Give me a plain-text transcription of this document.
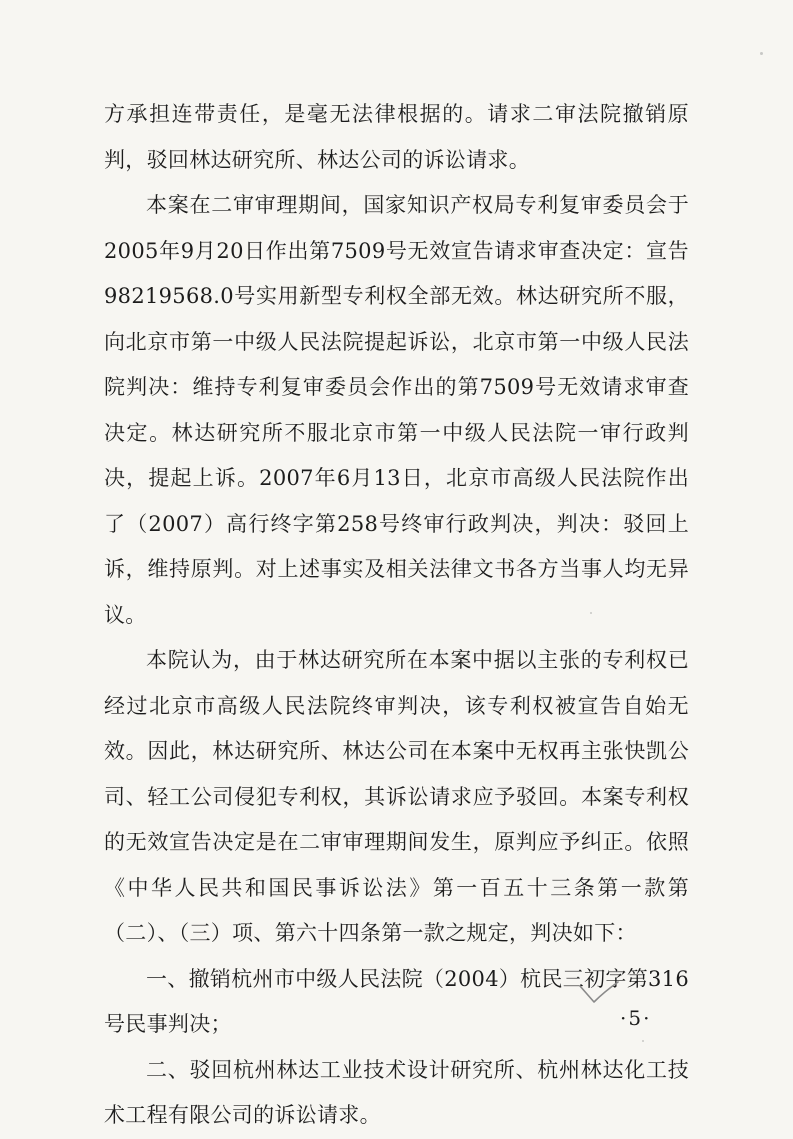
方承担连带责任，是毫无法律根据的。请求二审法院撤销原判，驳回林达研究所、林达公司的诉讼请求。

本案在二审审理期间，国家知识产权局专利复审委员会于2005年9月20日作出第7509号无效宣告请求审查决定：宣告98219568.0号实用新型专利权全部无效。林达研究所不服，向北京市第一中级人民法院提起诉讼，北京市第一中级人民法院判决：维持专利复审委员会作出的第7509号无效请求审查决定。林达研究所不服北京市第一中级人民法院一审行政判决，提起上诉。2007年6月13日，北京市高级人民法院作出了（2007）高行终字第258号终审行政判决，判决：驳回上诉，维持原判。对上述事实及相关法律文书各方当事人均无异议。

本院认为，由于林达研究所在本案中据以主张的专利权已经过北京市高级人民法院终审判决，该专利权被宣告自始无效。因此，林达研究所、林达公司在本案中无权再主张快凯公司、轻工公司侵犯专利权，其诉讼请求应予驳回。本案专利权的无效宣告决定是在二审审理期间发生，原判应予纠正。依照《中华人民共和国民事诉讼法》第一百五十三条第一款第（二）、（三）项、第六十四条第一款之规定，判决如下：

一、撤销杭州市中级人民法院（2004）杭民三初字第316号民事判决；

二、驳回杭州林达工业技术设计研究所、杭州林达化工技术工程有限公司的诉讼请求。

·5·
